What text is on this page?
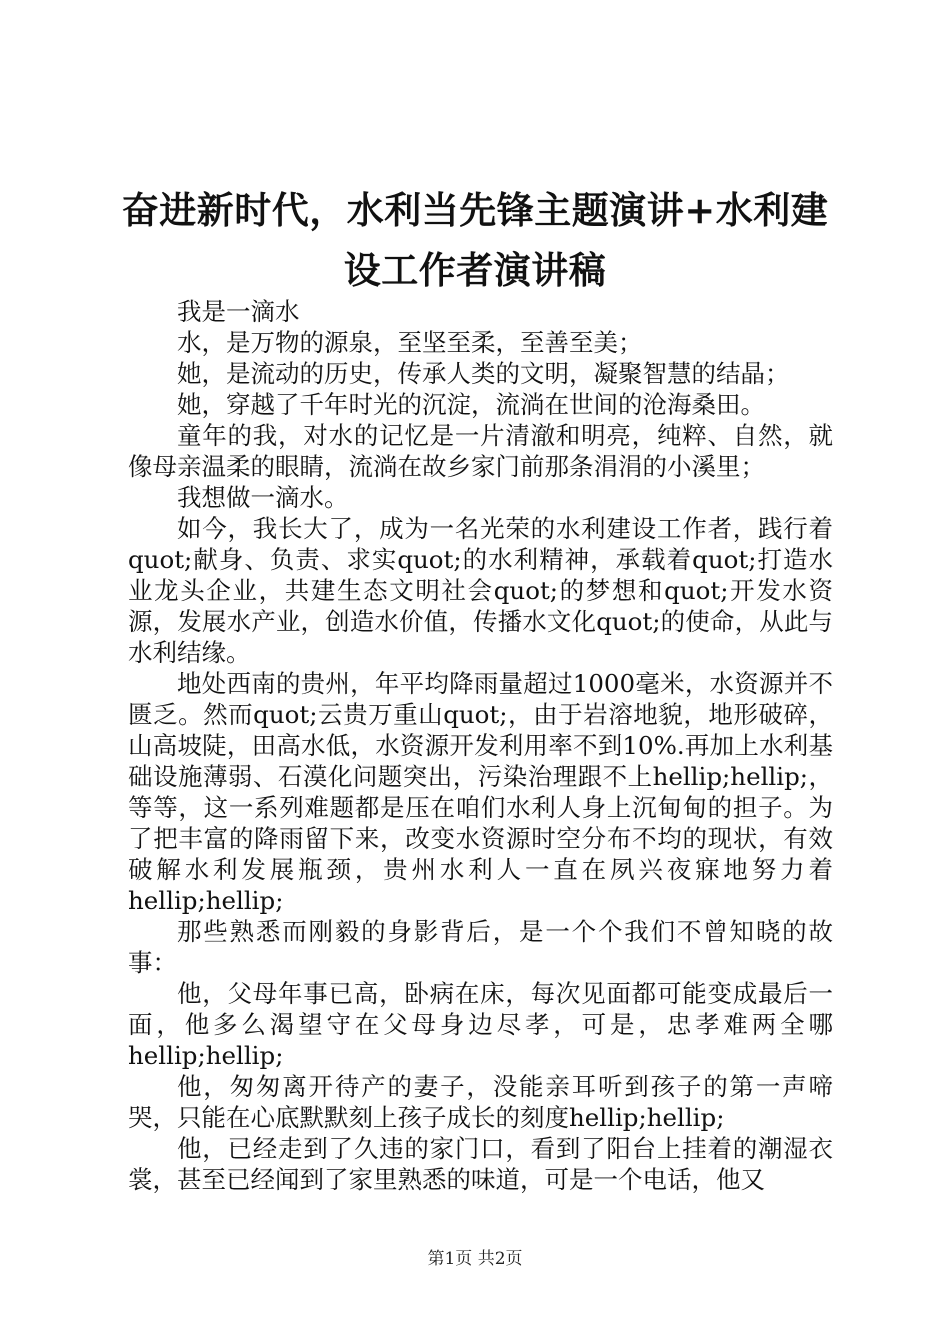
奋进新时代，水利当先锋主题演讲+水利建设工作者演讲稿

我是一滴水

水，是万物的源泉，至坚至柔，至善至美；

她，是流动的历史，传承人类的文明，凝聚智慧的结晶；

她，穿越了千年时光的沉淀，流淌在世间的沧海桑田。

童年的我，对水的记忆是一片清澈和明亮，纯粹、自然，就像母亲温柔的眼睛，流淌在故乡家门前那条涓涓的小溪里；

我想做一滴水。

如今，我长大了，成为一名光荣的水利建设工作者，践行着quot;献身、负责、求实quot;的水利精神，承载着quot;打造水业龙头企业，共建生态文明社会quot;的梦想和quot;开发水资源，发展水产业，创造水价值，传播水文化quot;的使命，从此与水利结缘。

地处西南的贵州，年平均降雨量超过1000毫米，水资源并不匮乏。然而quot;云贵万重山quot;，由于岩溶地貌，地形破碎，山高坡陡，田高水低，水资源开发利用率不到10%.再加上水利基础设施薄弱、石漠化问题突出，污染治理跟不上hellip;hellip;，等等，这一系列难题都是压在咱们水利人身上沉甸甸的担子。为了把丰富的降雨留下来，改变水资源时空分布不均的现状，有效破解水利发展瓶颈，贵州水利人一直在夙兴夜寐地努力着hellip;hellip;

那些熟悉而刚毅的身影背后，是一个个我们不曾知晓的故事：

他，父母年事已高，卧病在床，每次见面都可能变成最后一面，他多么渴望守在父母身边尽孝，可是，忠孝难两全哪hellip;hellip;

他，匆匆离开待产的妻子，没能亲耳听到孩子的第一声啼哭，只能在心底默默刻上孩子成长的刻度hellip;hellip;

他，已经走到了久违的家门口，看到了阳台上挂着的潮湿衣裳，甚至已经闻到了家里熟悉的味道，可是一个电话，他又

第1页 共2页
